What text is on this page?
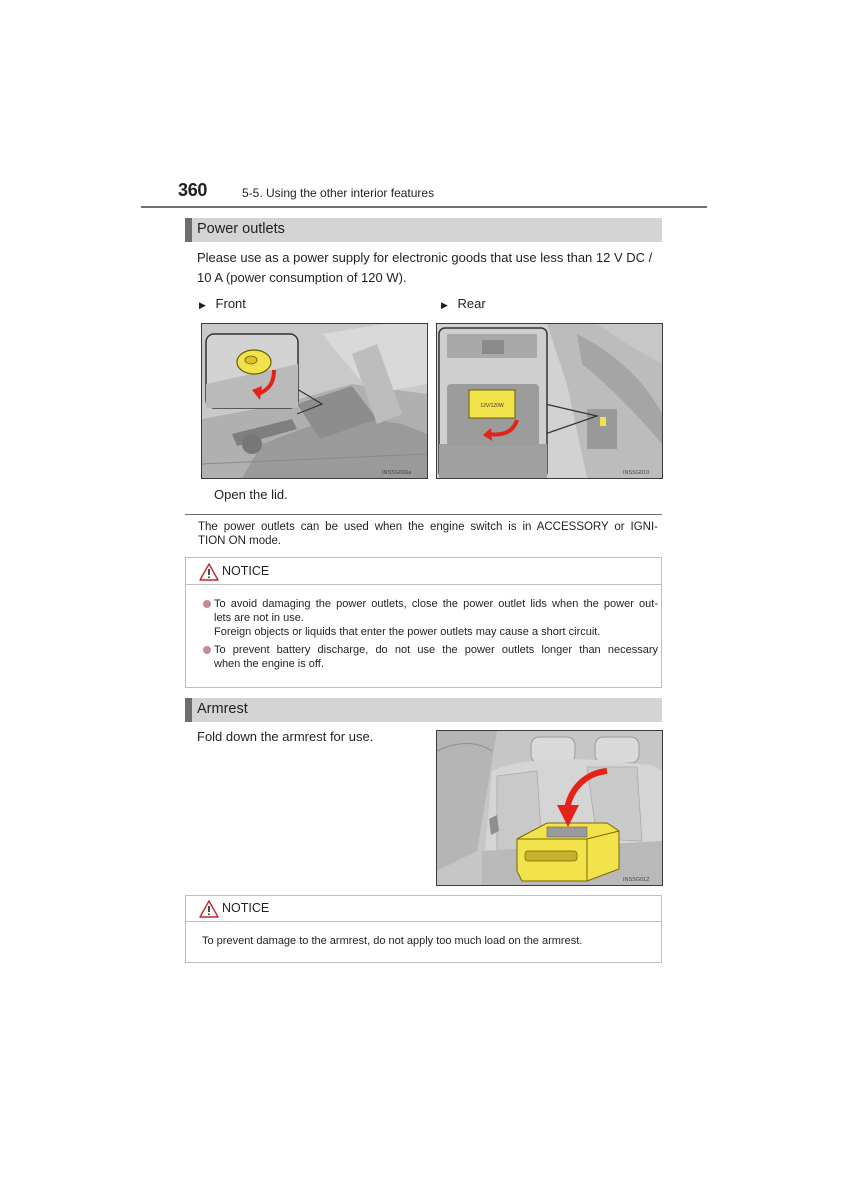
360	5-5. Using the other interior features
Power outlets
Please use as a power supply for electronic goods that use less than 12 V DC /
10 A (power consumption of 120 W).
▶ Front	▶ Rear
INSSG006a
12V/120W
INSSG010
Open the lid.
The power outlets can be used when the engine switch is in ACCESSORY or IGNI-
TION ON mode.
NOTICE
To avoid damaging the power outlets, close the power outlet lids when the power out-
lets are not in use.
Foreign objects or liquids that enter the power outlets may cause a short circuit.
To prevent battery discharge, do not use the power outlets longer than necessary
when the engine is off.
Armrest
Fold down the armrest for use.
INSSG012
NOTICE
To prevent damage to the armrest, do not apply too much load on the armrest.
